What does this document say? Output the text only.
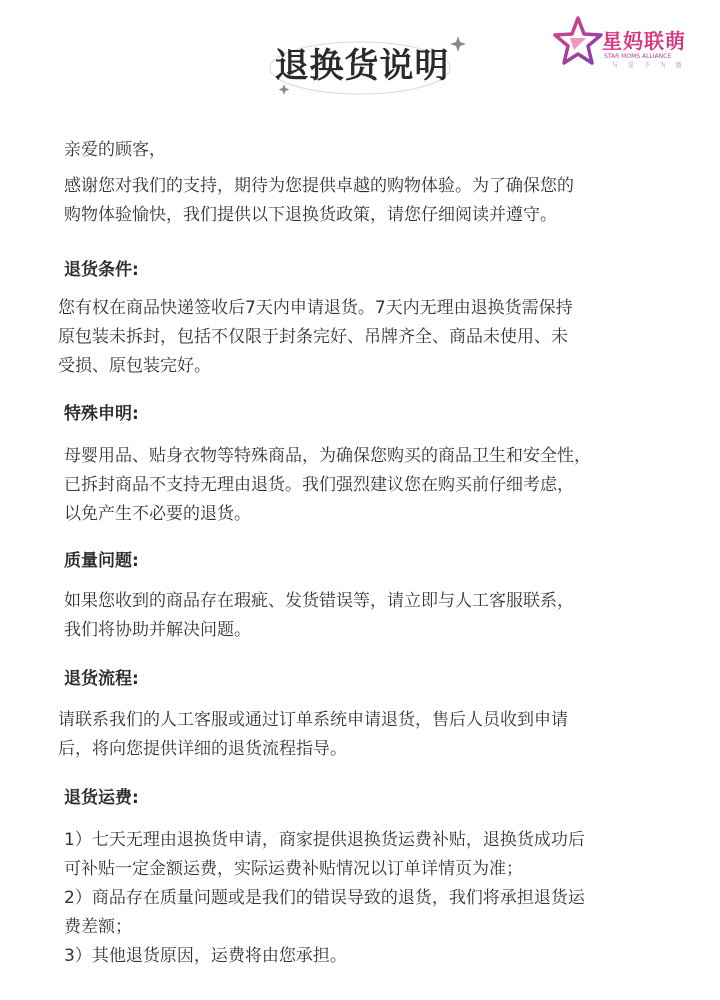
退换货说明
星妈联萌
STAR MOMS ALLIANCE
与 爱 予 为 邀

亲爱的顾客，

感谢您对我们的支持，期待为您提供卓越的购物体验。为了确保您的
购物体验愉快，我们提供以下退换货政策，请您仔细阅读并遵守。

退货条件:

您有权在商品快递签收后7天内申请退货。7天内无理由退换货需保持
原包装未拆封，包括不仅限于封条完好、吊牌齐全、商品未使用、未
受损、原包装完好。

特殊申明:

母婴用品、贴身衣物等特殊商品，为确保您购买的商品卫生和安全性，
已拆封商品不支持无理由退货。我们强烈建议您在购买前仔细考虑，
以免产生不必要的退货。

质量问题:

如果您收到的商品存在瑕疵、发货错误等，请立即与人工客服联系，
我们将协助并解决问题。

退货流程:

请联系我们的人工客服或通过订单系统申请退货，售后人员收到申请
后，将向您提供详细的退货流程指导。

退货运费:

1）七天无理由退换货申请，商家提供退换货运费补贴，退换货成功后
可补贴一定金额运费，实际运费补贴情况以订单详情页为准；
2）商品存在质量问题或是我们的错误导致的退货，我们将承担退货运
费差额；
3）其他退货原因，运费将由您承担。
